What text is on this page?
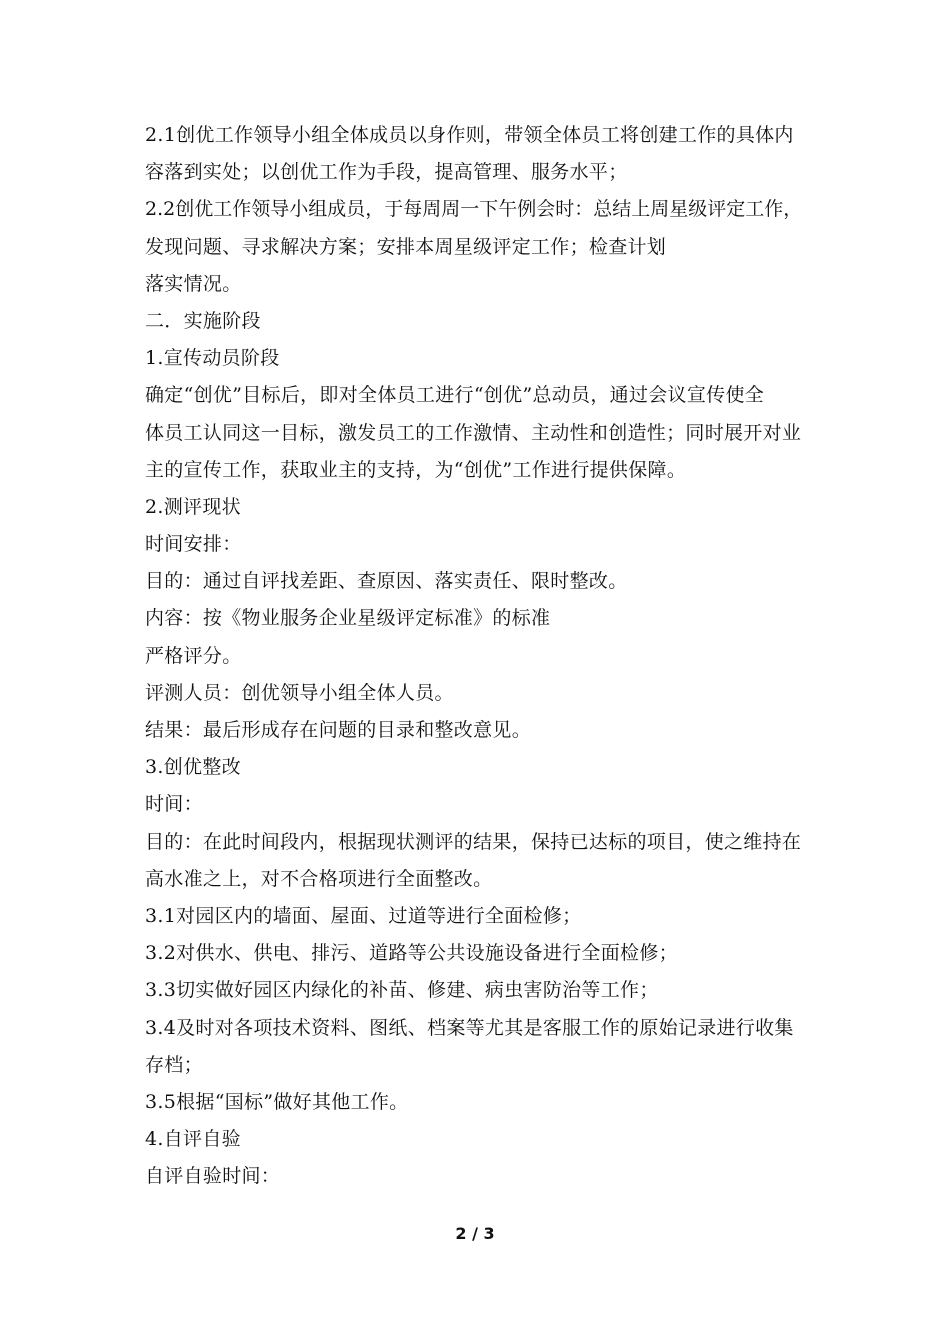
2.1创优工作领导小组全体成员以身作则，带领全体员工将创建工作的具体内
容落到实处；以创优工作为手段，提高管理、服务水平；
2.2创优工作领导小组成员，于每周周一下午例会时：总结上周星级评定工作，
发现问题、寻求解决方案；安排本周星级评定工作；检查计划
落实情况。
二．实施阶段
1.宣传动员阶段
确定“创优”目标后，即对全体员工进行“创优”总动员，通过会议宣传使全
体员工认同这一目标，激发员工的工作激情、主动性和创造性；同时展开对业
主的宣传工作，获取业主的支持，为“创优”工作进行提供保障。
2.测评现状
时间安排：
目的：通过自评找差距、查原因、落实责任、限时整改。
内容：按《物业服务企业星级评定标准》的标准
严格评分。
评测人员：创优领导小组全体人员。
结果：最后形成存在问题的目录和整改意见。
3.创优整改
时间：
目的：在此时间段内，根据现状测评的结果，保持已达标的项目，使之维持在
高水准之上，对不合格项进行全面整改。
3.1对园区内的墙面、屋面、过道等进行全面检修；
3.2对供水、供电、排污、道路等公共设施设备进行全面检修；
3.3切实做好园区内绿化的补苗、修建、病虫害防治等工作；
3.4及时对各项技术资料、图纸、档案等尤其是客服工作的原始记录进行收集
存档；
3.5根据“国标”做好其他工作。
4.自评自验
自评自验时间：
2 / 3
